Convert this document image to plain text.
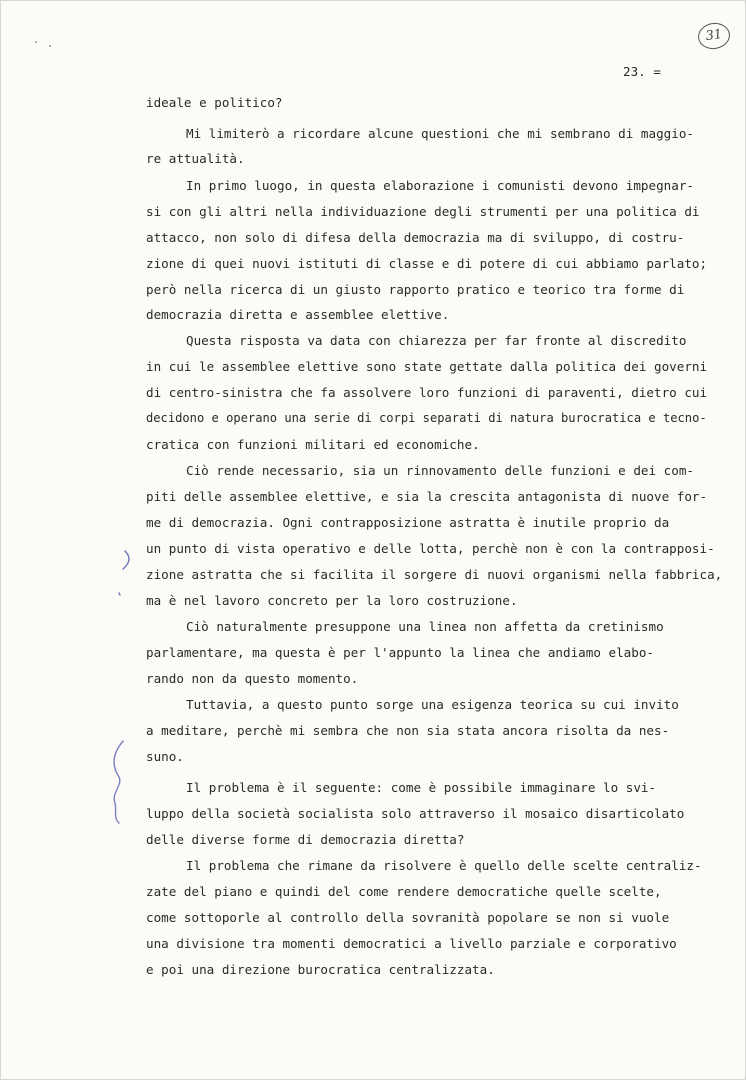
31
23. =
ideale e politico?
Mi limiterò a ricordare alcune questioni che mi sembrano di maggio-
re attualità.
In primo luogo, in questa elaborazione i comunisti devono impegnar-
si con gli altri nella individuazione degli strumenti per una politica di
attacco, non solo di difesa della democrazia ma di sviluppo, di costru-
zione di quei nuovi istituti di classe e di potere di cui abbiamo parlato;
però nella ricerca di un giusto rapporto pratico e teorico tra forme di
democrazia diretta e assemblee elettive.
Questa risposta va data con chiarezza per far fronte al discredito
in cui le assemblee elettive sono state gettate dalla politica dei governi
di centro-sinistra che fa assolvere loro funzioni di paraventi, dietro cui
decidono e operano una serie di corpi separati di natura burocratica e tecno-
cratica con funzioni militari ed economiche.
Ciò rende necessario, sia un rinnovamento delle funzioni e dei com-
piti delle assemblee elettive, e sia la crescita antagonista di nuove for-
me di democrazia. Ogni contrapposizione astratta è inutile proprio da
un punto di vista operativo e delle lotta, perchè non è con la contrapposi-
zione astratta che si facilita il sorgere di nuovi organismi nella fabbrica,
ma è nel lavoro concreto per la loro costruzione.
Ciò naturalmente presuppone una linea non affetta da cretinismo
parlamentare, ma questa è per l'appunto la linea che andiamo elabo-
rando non da questo momento.
Tuttavia, a questo punto sorge una esigenza teorica su cui invito
a meditare, perchè mi sembra che non sia stata ancora risolta da nes-
suno.
Il problema è il seguente: come è possibile immaginare lo svi-
luppo della società socialista solo attraverso il mosaico disarticolato
delle diverse forme di democrazia diretta?
Il problema che rimane da risolvere è quello delle scelte centraliz-
zate del piano e quindi del come rendere democratiche quelle scelte,
come sottoporle al controllo della sovranità popolare se non si vuole
una divisione tra momenti democratici a livello parziale e corporativo
e poi una direzione burocratica centralizzata.
